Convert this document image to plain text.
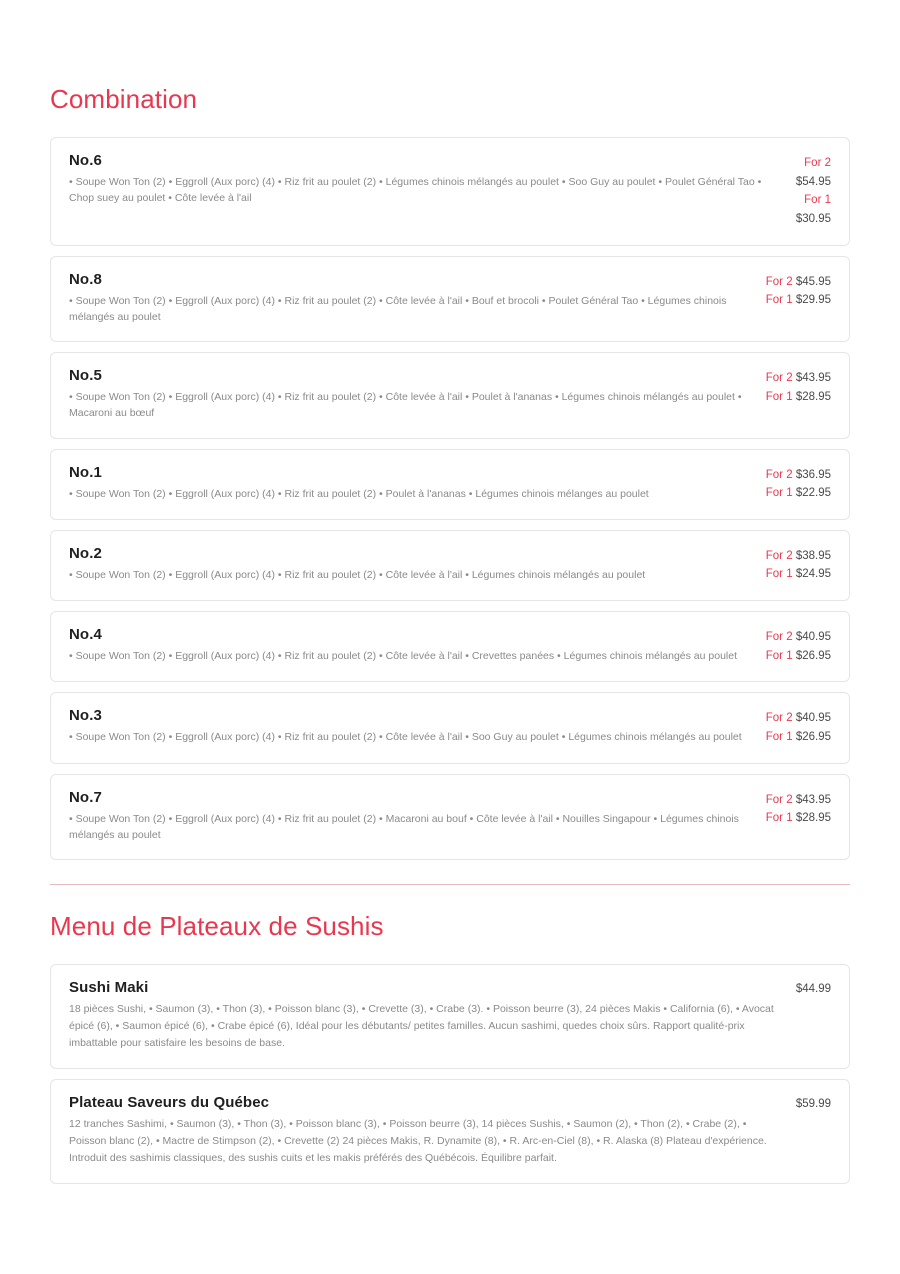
Combination
No.6
• Soupe Won Ton (2) • Eggroll (Aux porc) (4) • Riz frit au poulet (2) • Légumes chinois mélangés au poulet • Soo Guy au poulet • Poulet Général Tao • Chop suey au poulet • Côte levée à l'ail
For 2
$54.95
For 1
$30.95
No.8
• Soupe Won Ton (2) • Eggroll (Aux porc) (4) • Riz frit au poulet (2) • Côte levée à l'ail • Bouf et brocoli • Poulet Général Tao • Légumes chinois mélangés au poulet
For 2 $45.95
For 1 $29.95
No.5
• Soupe Won Ton (2) • Eggroll (Aux porc) (4) • Riz frit au poulet (2) • Côte levée à l'ail • Poulet à l'ananas • Légumes chinois mélangés au poulet • Macaroni au bœuf
For 2 $43.95
For 1 $28.95
No.1
• Soupe Won Ton (2) • Eggroll (Aux porc) (4) • Riz frit au poulet (2) • Poulet à l'ananas • Légumes chinois mélanges au poulet
For 2 $36.95
For 1 $22.95
No.2
• Soupe Won Ton (2) • Eggroll (Aux porc) (4) • Riz frit au poulet (2) • Côte levée à l'ail • Légumes chinois mélangés au poulet
For 2 $38.95
For 1 $24.95
No.4
• Soupe Won Ton (2) • Eggroll (Aux porc) (4) • Riz frit au poulet (2) • Côte levée à l'ail • Crevettes panées • Légumes chinois mélangés au poulet
For 2 $40.95
For 1 $26.95
No.3
• Soupe Won Ton (2) • Eggroll (Aux porc) (4) • Riz frit au poulet (2) • Côte levée à l'ail • Soo Guy au poulet • Légumes chinois mélangés au poulet
For 2 $40.95
For 1 $26.95
No.7
• Soupe Won Ton (2) • Eggroll (Aux porc) (4) • Riz frit au poulet (2) • Macaroni au bouf • Côte levée à l'ail • Nouilles Singapour • Légumes chinois mélangés au poulet
For 2 $43.95
For 1 $28.95
Menu de Plateaux de Sushis
Sushi Maki
18 pièces Sushi, • Saumon (3), • Thon (3), • Poisson blanc (3), • Crevette (3), • Crabe (3). • Poisson beurre (3), 24 pièces Makis • California (6), • Avocat épicé (6), • Saumon épicé (6), • Crabe épicé (6), Idéal pour les débutants/ petites familles. Aucun sashimi, quedes choix sûrs. Rapport qualité-prix imbattable pour satisfaire les besoins de base.
$44.99
Plateau Saveurs du Québec
12 tranches Sashimi, • Saumon (3), • Thon (3), • Poisson blanc (3), • Poisson beurre (3), 14 pièces Sushis, • Saumon (2), • Thon (2), • Crabe (2), • Poisson blanc (2), • Mactre de Stimpson (2), • Crevette (2) 24 pièces Makis, R. Dynamite (8), • R. Arc-en-Ciel (8), • R. Alaska (8) Plateau d'expérience. Introduit des sashimis classiques, des sushis cuits et les makis préférés des Québécois. Équilibre parfait.
$59.99
